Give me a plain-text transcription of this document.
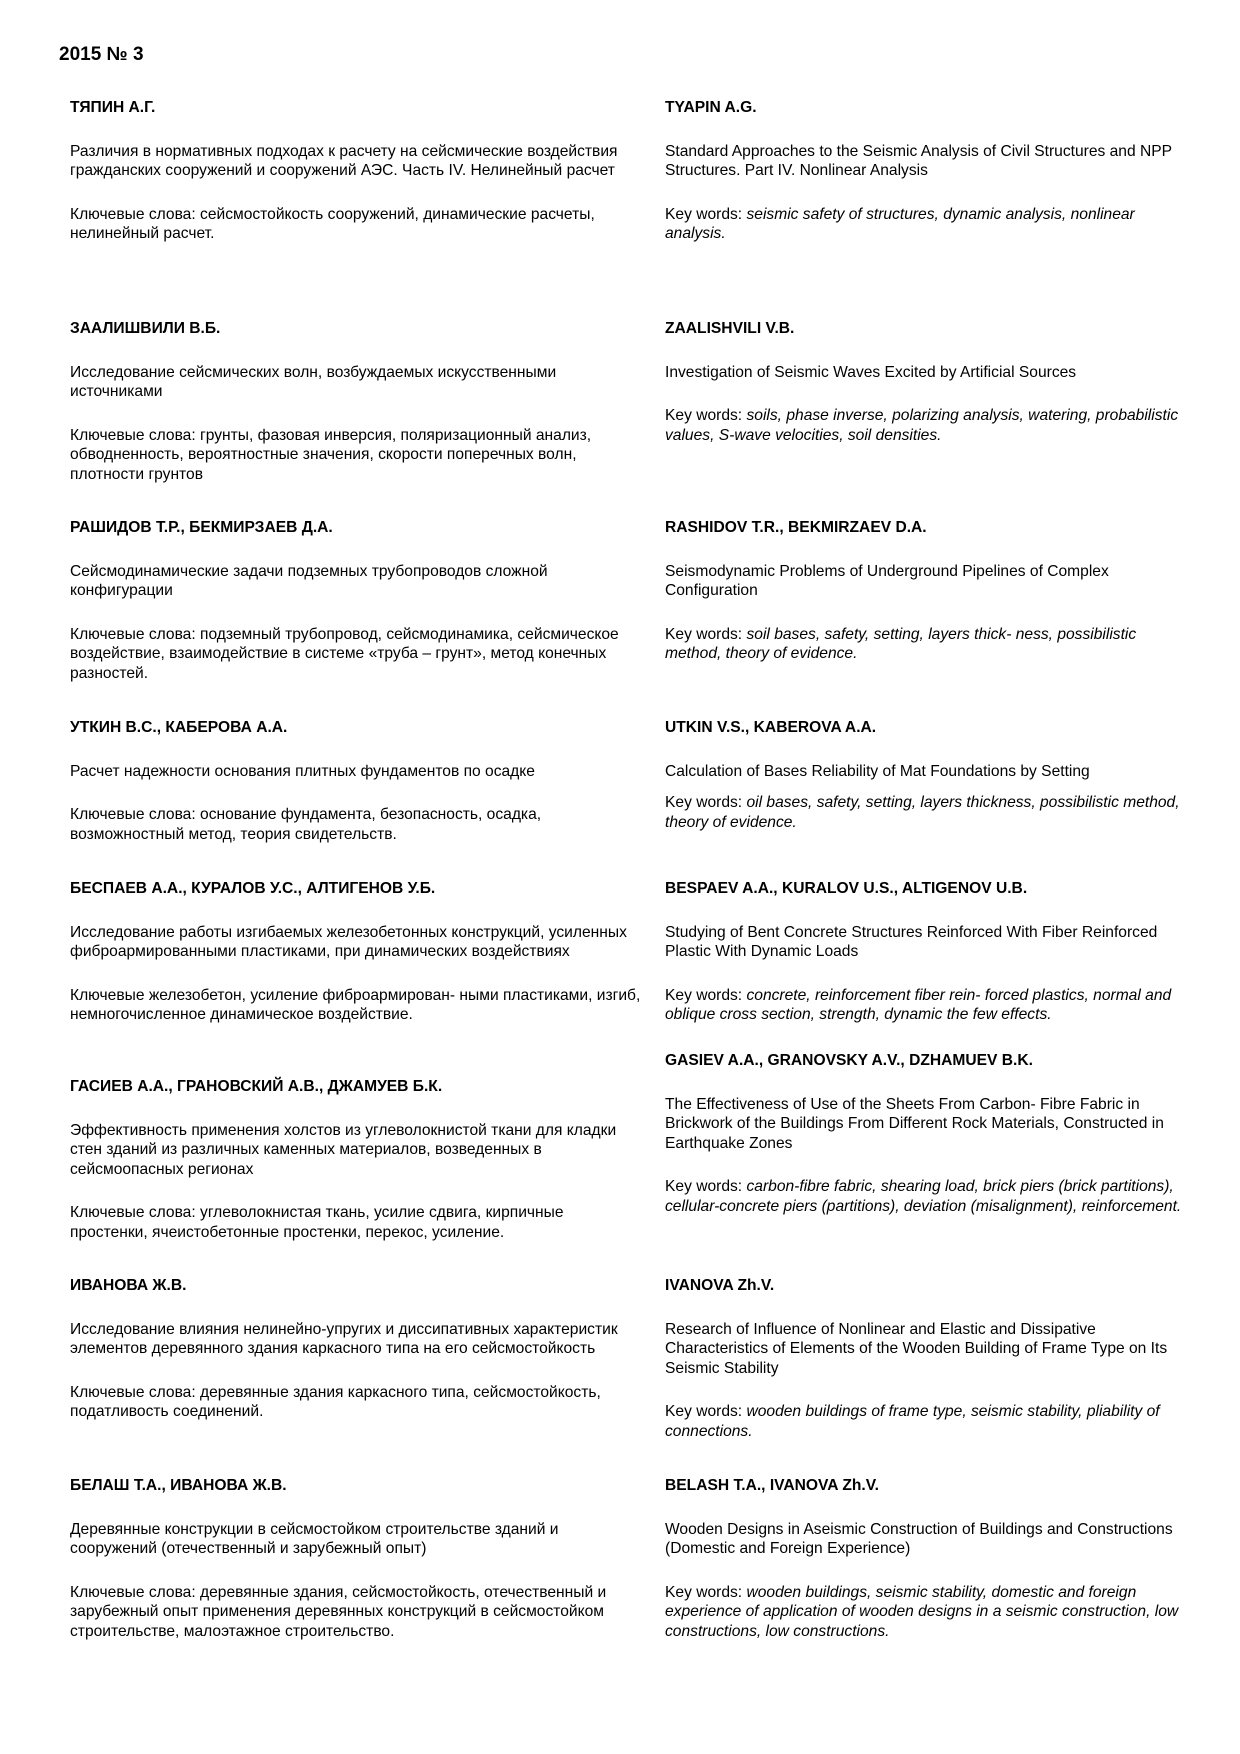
2015 № 3

ТЯПИН А.Г.

Различия в нормативных подходах к расчету на сейсмические воздействия гражданских сооружений и сооружений АЭС. Часть IV. Нелинейный расчет

Ключевые слова: сейсмостойкость сооружений, динамические расчеты, нелинейный расчет.

TYAPIN A.G.

Standard Approaches to the Seismic Analysis of Civil Structures and NPP Structures. Part IV. Nonlinear Analysis

Key words: seismic safety of structures, dynamic analysis, nonlinear analysis.

ЗААЛИШВИЛИ В.Б.

Исследование сейсмических волн, возбуждаемых искусственными источниками

Ключевые слова: грунты, фазовая инверсия, поляризационный анализ, обводненность, вероятностные значения, скорости поперечных волн, плотности грунтов

ZAALISHVILI V.B.

Investigation of Seismic Waves Excited by Artificial Sources

Key words: soils, phase inverse, polarizing analysis, watering, probabilistic values, S-wave velocities, soil densities.

РАШИДОВ Т.Р., БЕКМИРЗАЕВ Д.А.

Сейсмодинамические задачи подземных трубопроводов сложной конфигурации

Ключевые слова: подземный трубопровод, сейсмодинамика, сейсмическое воздействие, взаимодействие в системе «труба – грунт», метод конечных разностей.

RASHIDOV T.R., BEKMIRZAEV D.A.

Seismodynamic Problems of Underground Pipelines of Complex Configuration

Key words: soil bases, safety, setting, layers thick- ness, possibilistic method, theory of evidence.

УТКИН В.С., КАБЕРОВА А.А.

Расчет надежности основания плитных фундаментов по осадке

Ключевые слова: основание фундамента, безопасность, осадка, возможностный метод, теория свидетельств.

UTKIN V.S., KABEROVA A.A.

Calculation of Bases Reliability of Mat Foundations by Setting

Key words: oil bases, safety, setting, layers thickness, possibilistic method, theory of evidence.

БЕСПАЕВ А.А., КУРАЛОВ У.С., АЛТИГЕНОВ У.Б.

Исследование работы изгибаемых железобетонных конструкций, усиленных фиброармированными пластиками, при динамических воздействиях

Ключевые железобетон, усиление фиброармирован- ными пластиками, изгиб, немногочисленное динамическое воздействие.

BESPAEV A.A., KURALOV U.S., ALTIGENOV U.B.

Studying of Bent Concrete Structures Reinforced With Fiber Reinforced Plastic With Dynamic Loads

Key words: concrete, reinforcement fiber rein- forced plastics, normal and oblique cross section, strength, dynamic the few effects.

ГАСИЕВ А.А., ГРАНОВСКИЙ А.В., ДЖАМУЕВ Б.К.

Эффективность применения холстов из углеволокнистой ткани для кладки стен зданий из различных каменных материалов, возведенных в сейсмоопасных регионах

Ключевые слова: углеволокнистая ткань, усилие сдвига, кирпичные простенки, ячеистобетонные простенки, перекос, усиление.

GASIEV A.A., GRANOVSKY A.V., DZHAMUEV B.K.

The Effectiveness of Use of the Sheets From Carbon- Fibre Fabric in Brickwork of the Buildings From Different Rock Materials, Constructed in Earthquake Zones

Key words: carbon-fibre fabric, shearing load, brick piers (brick partitions), cellular-concrete piers (partitions), deviation (misalignment), reinforcement.

ИВАНОВА Ж.В.

Исследование влияния нелинейно-упругих и диссипативных характеристик элементов деревянного здания каркасного типа на его сейсмостойкость

Ключевые слова: деревянные здания каркасного типа, сейсмостойкость, податливость соединений.

IVANOVA Zh.V.

Research of Influence of Nonlinear and Elastic and Dissipative Characteristics of Elements of the Wooden Building of Frame Type on Its Seismic Stability

Key words: wooden buildings of frame type, seismic stability, pliability of connections.

БЕЛАШ Т.А., ИВАНОВА Ж.В.

Деревянные конструкции в сейсмостойком строительстве зданий и сооружений (отечественный и зарубежный опыт)

Ключевые слова: деревянные здания, сейсмостойкость, отечественный и зарубежный опыт применения деревянных конструкций в сейсмостойком строительстве, малоэтажное строительство.

BELASH T.A., IVANOVA Zh.V.

Wooden Designs in Aseismic Construction of Buildings and Constructions (Domestic and Foreign Experience)

Key words: wooden buildings, seismic stability, domestic and foreign experience of application of wooden designs in a seismic construction, low constructions, low constructions.
